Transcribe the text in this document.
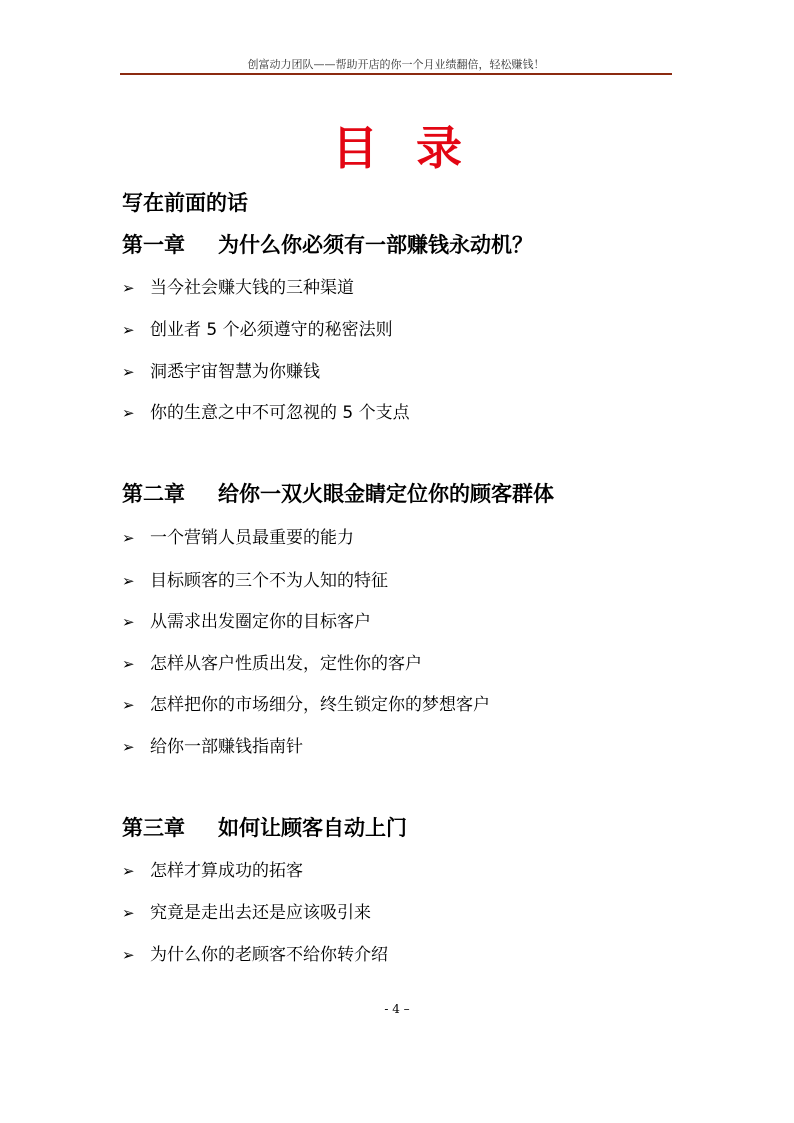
创富动力团队——帮助开店的你一个月业绩翻倍，轻松赚钱！
目录
写在前面的话
第一章 为什么你必须有一部赚钱永动机？
➢ 当今社会赚大钱的三种渠道
➢ 创业者 5 个必须遵守的秘密法则
➢ 洞悉宇宙智慧为你赚钱
➢ 你的生意之中不可忽视的 5 个支点
第二章 给你一双火眼金睛定位你的顾客群体
➢ 一个营销人员最重要的能力
➢ 目标顾客的三个不为人知的特征
➢ 从需求出发圈定你的目标客户
➢ 怎样从客户性质出发，定性你的客户
➢ 怎样把你的市场细分，终生锁定你的梦想客户
➢ 给你一部赚钱指南针
第三章 如何让顾客自动上门
➢ 怎样才算成功的拓客
➢ 究竟是走出去还是应该吸引来
➢ 为什么你的老顾客不给你转介绍
- 4 –
